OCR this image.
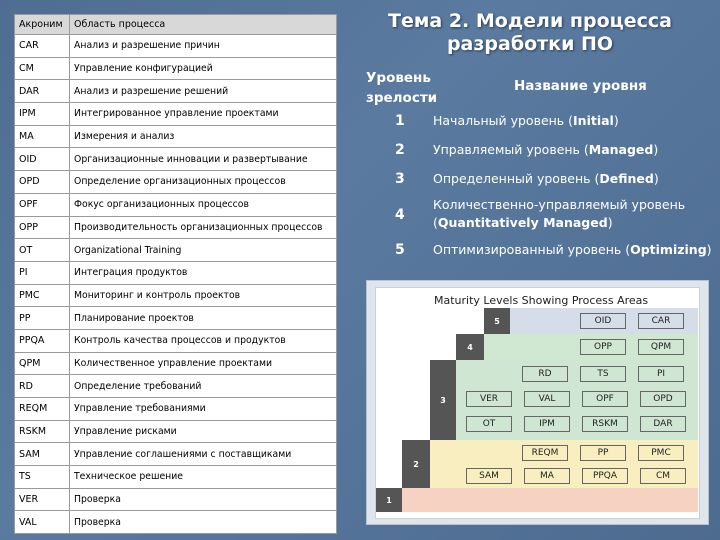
Акроним	Область процесса
CAR	Анализ и разрешение причин
CM	Управление конфигурацией
DAR	Анализ и разрешение решений
IPM	Интегрированное управление проектами
MA	Измерения и анализ
OID	Организационные инновации и развертывание
OPD	Определение организационных процессов
OPF	Фокус организационных процессов
OPP	Производительность организационных процессов
OT	Organizational Training
PI	Интеграция продуктов
PMC	Мониторинг и контроль проектов
PP	Планирование проектов
PPQA	Контроль качества процессов и продуктов
QPM	Количественное управление проектами
RD	Определение требований
REQM	Управление требованиями
RSKM	Управление рисками
SAM	Управление соглашениями с поставщиками
TS	Техническое решение
VER	Проверка
VAL	Проверка
Тема 2. Модели процесса
разработки ПО
Уровень
зрелости
Название уровня
1 Начальный уровень (Initial)
2 Управляемый уровень (Managed)
3 Определенный уровень (Defined)
4
Количественно-управляемый уровень
(Quantitatively Managed)
5 Оптимизированный уровень (Optimizing)
Maturity Levels Showing Process Areas
5
4
3
2
1
OID	CAR
OPP	QPM
RD	TS	PI
VER	VAL	OPF	OPD
OT	IPM	RSKM	DAR
REQM	PP	PMC
SAM	MA	PPQA	CM
